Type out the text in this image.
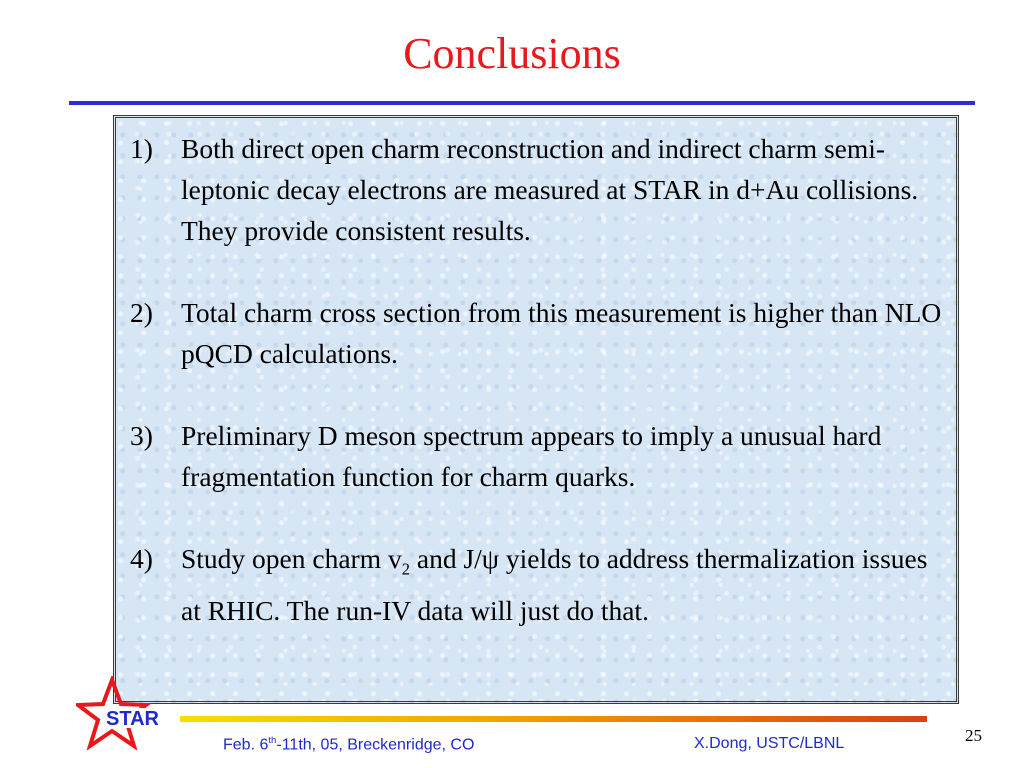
Conclusions
1)	Both direct open charm reconstruction and indirect charm semi-leptonic decay electrons are measured at STAR in d+Au collisions. They provide consistent results.
2)	Total charm cross section from this measurement is higher than NLO pQCD calculations.
3)	Preliminary D meson spectrum appears to imply a unusual hard fragmentation function for charm quarks.
4)	Study open charm $v_2$ and J/ψ yields to address thermalization issues at RHIC. The run-IV data will just do that.
STAR
Feb. 6th-11th, 05, Breckenridge, CO	X.Dong, USTC/LBNL	25
